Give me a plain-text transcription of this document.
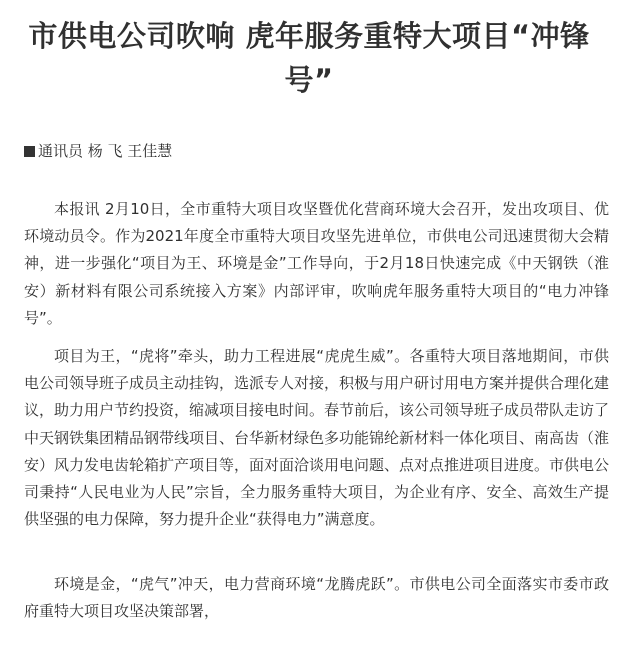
市供电公司吹响 虎年服务重特大项目“冲锋号”
通讯员 杨 飞 王佳慧

本报讯 2月10日，全市重特大项目攻坚暨优化营商环境大会召开，发出攻项目、优环境动员令。作为2021年度全市重特大项目攻坚先进单位，市供电公司迅速贯彻大会精神，进一步强化“项目为王、环境是金”工作导向，于2月18日快速完成《中天钢铁（淮安）新材料有限公司系统接入方案》内部评审，吹响虎年服务重特大项目的“电力冲锋号”。

项目为王，“虎将”牵头，助力工程进展“虎虎生威”。各重特大项目落地期间，市供电公司领导班子成员主动挂钩，选派专人对接，积极与用户研讨用电方案并提供合理化建议，助力用户节约投资，缩减项目接电时间。春节前后，该公司领导班子成员带队走访了中天钢铁集团精品钢带线项目、台华新材绿色多功能锦纶新材料一体化项目、南高齿（淮安）风力发电齿轮箱扩产项目等，面对面洽谈用电问题、点对点推进项目进度。市供电公司秉持“人民电业为人民”宗旨，全力服务重特大项目，为企业有序、安全、高效生产提供坚强的电力保障，努力提升企业“获得电力”满意度。

环境是金，“虎气”冲天，电力营商环境“龙腾虎跃”。市供电公司全面落实市委市政府重特大项目攻坚决策部署，
